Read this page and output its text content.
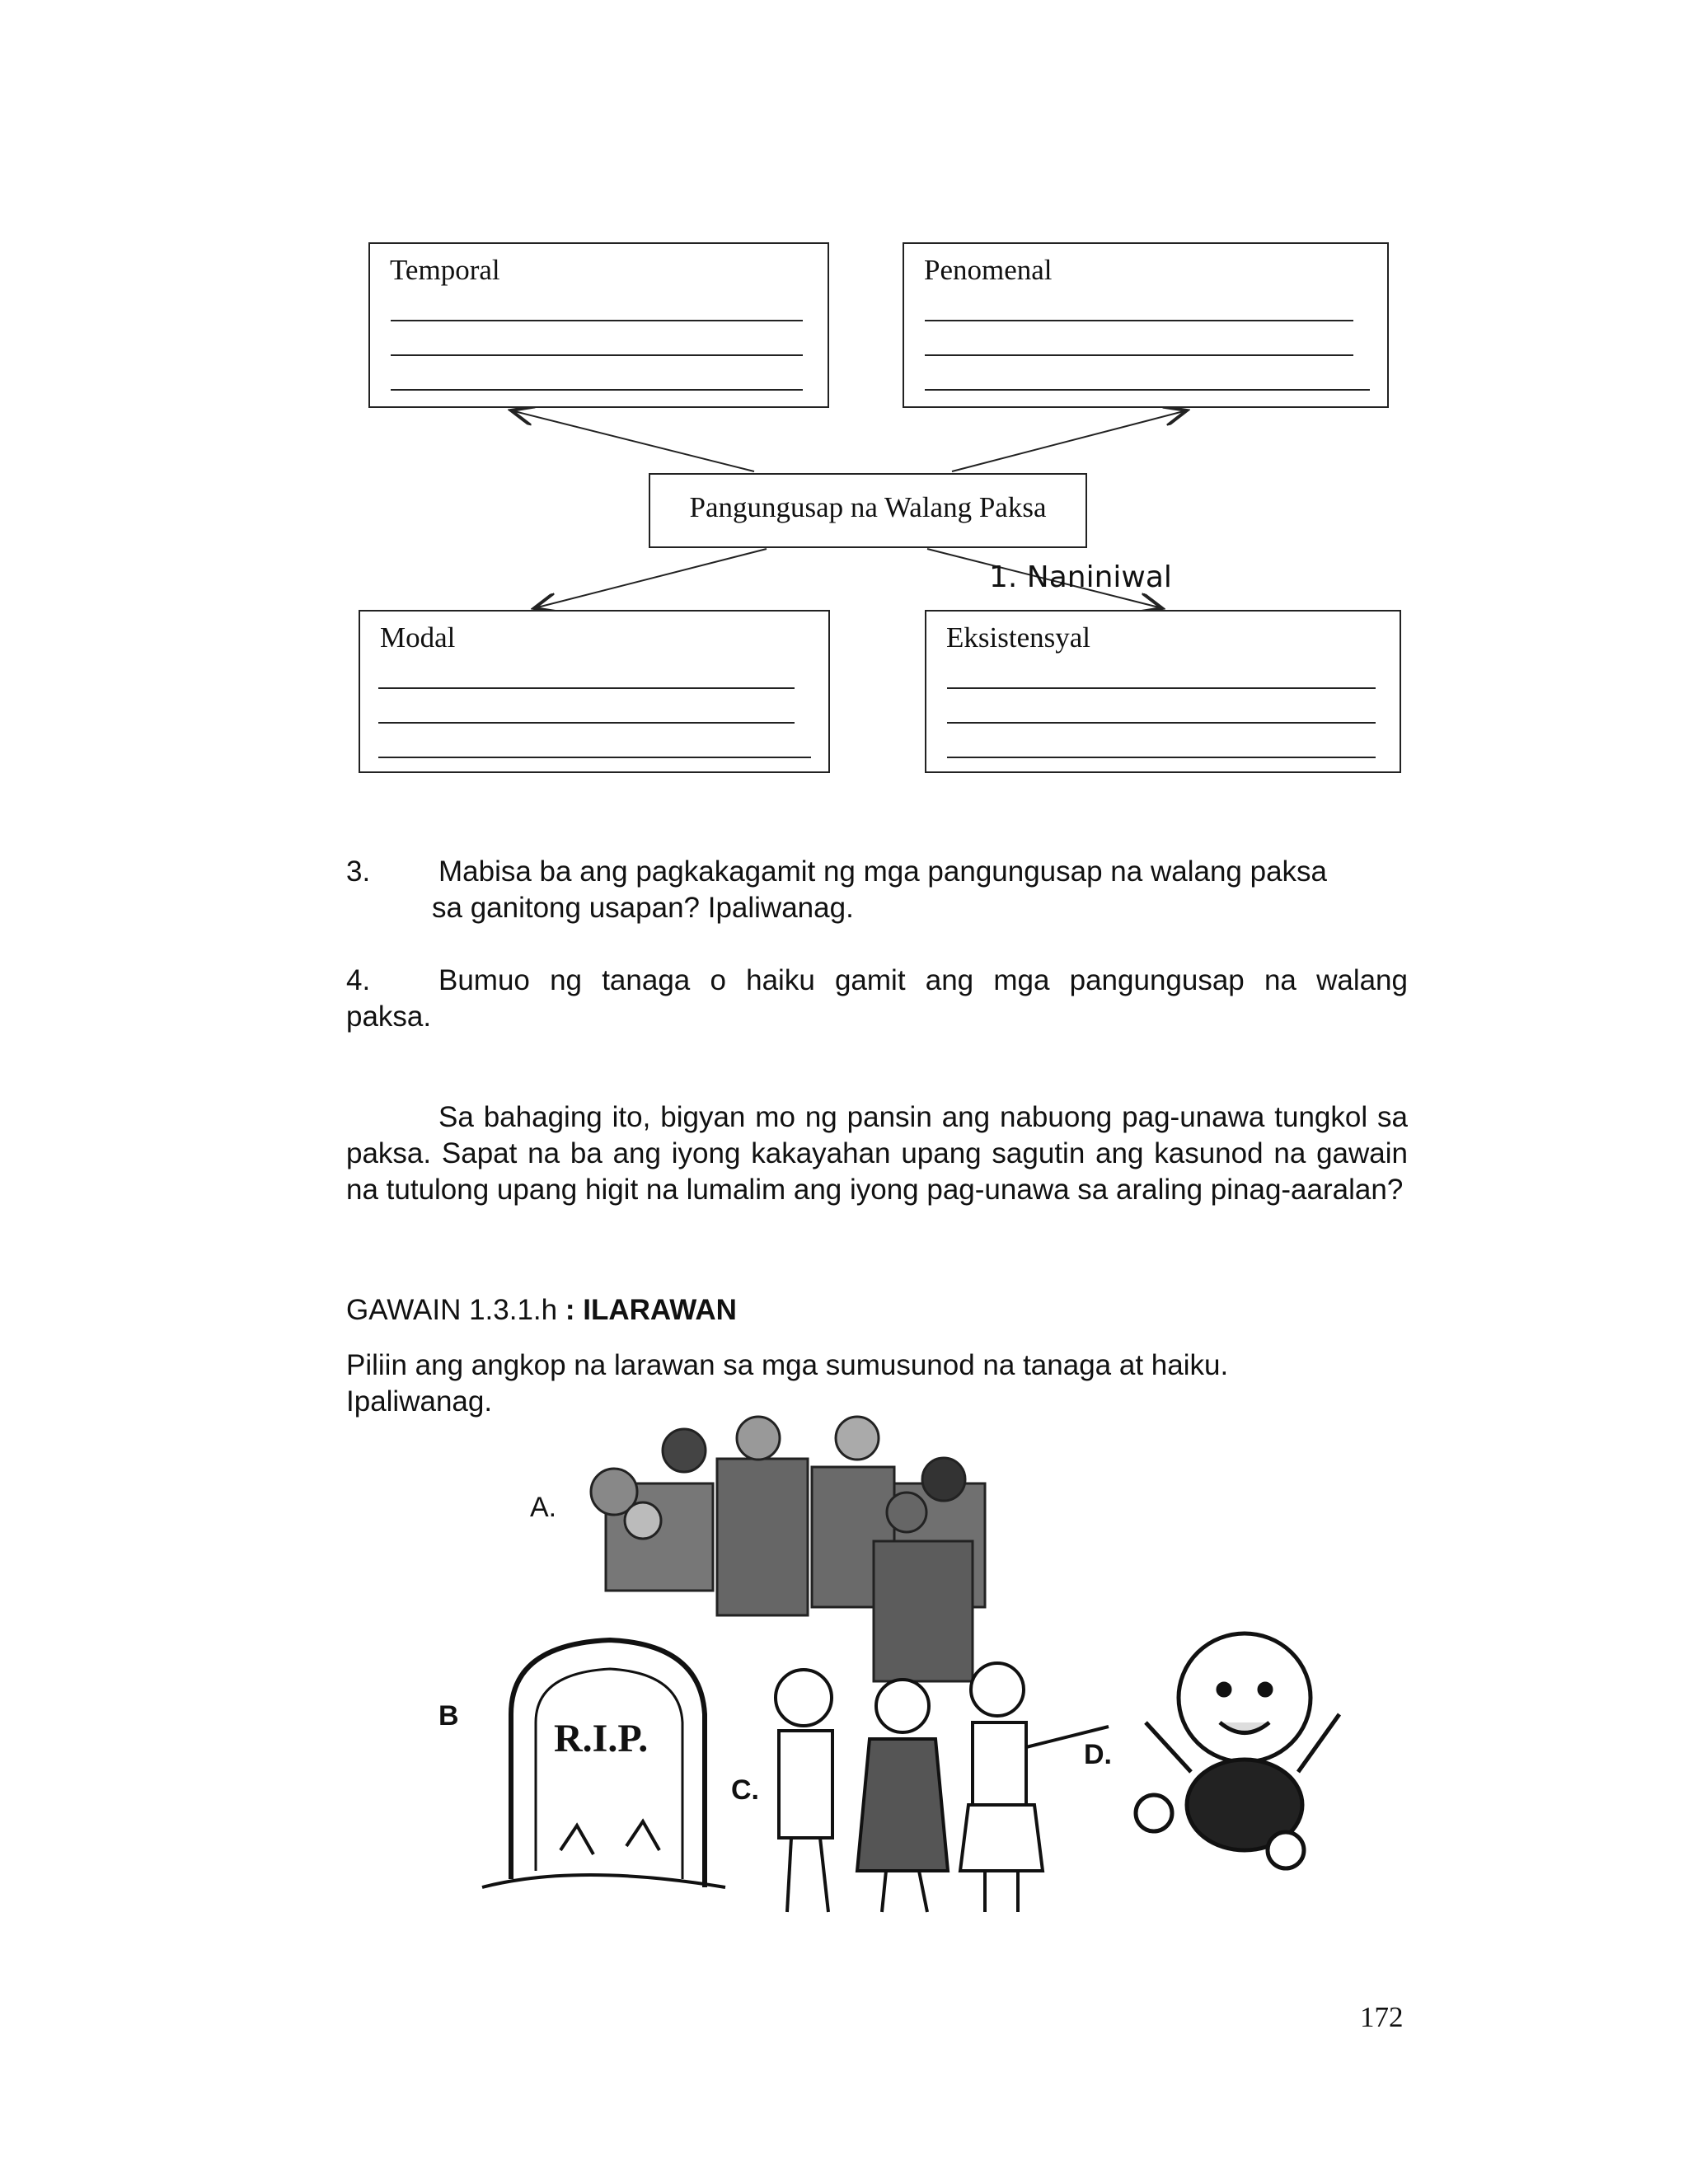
R.I.P.
Temporal	Penomenal
Pangungusap na Walang Paksa
1. Naniniwal
Modal	Eksistensyal
3. Mabisa ba ang pagkakagamit ng mga pangungusap na walang paksa
sa ganitong usapan? Ipaliwanag.
4. Bumuo ng tanaga o haiku gamit ang mga pangungusap na walang
paksa.
Sa bahaging ito, bigyan mo ng pansin ang nabuong pag-unawa tungkol sa paksa. Sapat na ba ang iyong kakayahan upang sagutin ang kasunod na gawain na tutulong upang higit na lumalim ang iyong pag-unawa sa araling pinag-aaralan?
GAWAIN 1.3.1.h : ILARAWAN
Piliin ang angkop na larawan sa mga sumusunod na tanaga at haiku.
Ipaliwanag.
A.
B
C.
D.
172
